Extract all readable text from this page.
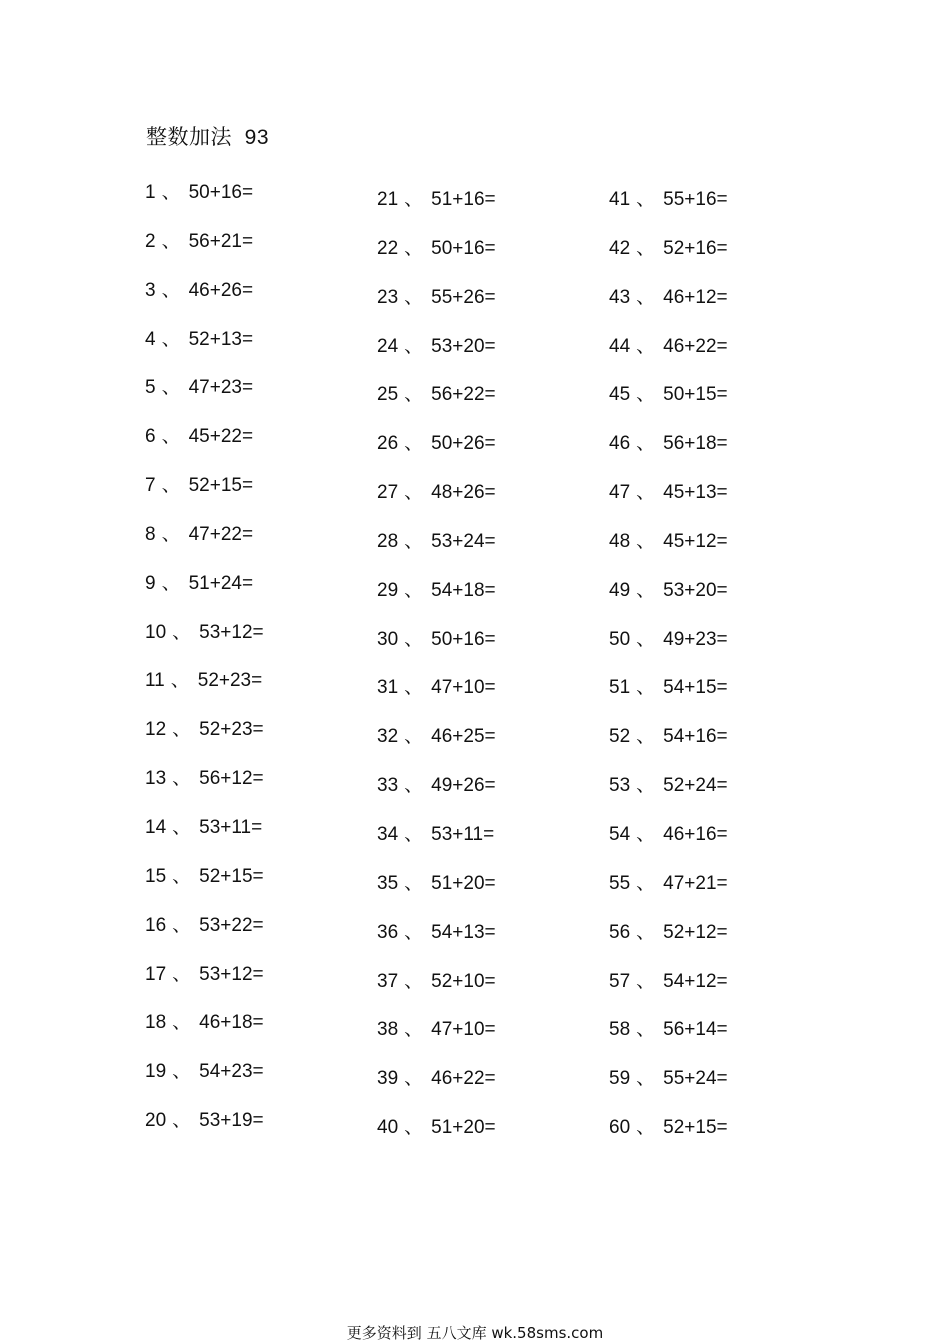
整数加法  93
1 、 50+16=
2 、 56+21=
3 、 46+26=
4 、 52+13=
5 、 47+23=
6 、 45+22=
7 、 52+15=
8 、 47+22=
9 、 51+24=
10 、 53+12=
11 、 52+23=
12 、 52+23=
13 、 56+12=
14 、 53+11=
15 、 52+15=
16 、 53+22=
17 、 53+12=
18 、 46+18=
19 、 54+23=
20 、 53+19=
21 、 51+16=
22 、 50+16=
23 、 55+26=
24 、 53+20=
25 、 56+22=
26 、 50+26=
27 、 48+26=
28 、 53+24=
29 、 54+18=
30 、 50+16=
31 、 47+10=
32 、 46+25=
33 、 49+26=
34 、 53+11=
35 、 51+20=
36 、 54+13=
37 、 52+10=
38 、 47+10=
39 、 46+22=
40 、 51+20=
41 、 55+16=
42 、 52+16=
43 、 46+12=
44 、 46+22=
45 、 50+15=
46 、 56+18=
47 、 45+13=
48 、 45+12=
49 、 53+20=
50 、 49+23=
51 、 54+15=
52 、 54+16=
53 、 52+24=
54 、 46+16=
55 、 47+21=
56 、 52+12=
57 、 54+12=
58 、 56+14=
59 、 55+24=
60 、 52+15=
更多资料到 五八文库 wk.58sms.com
